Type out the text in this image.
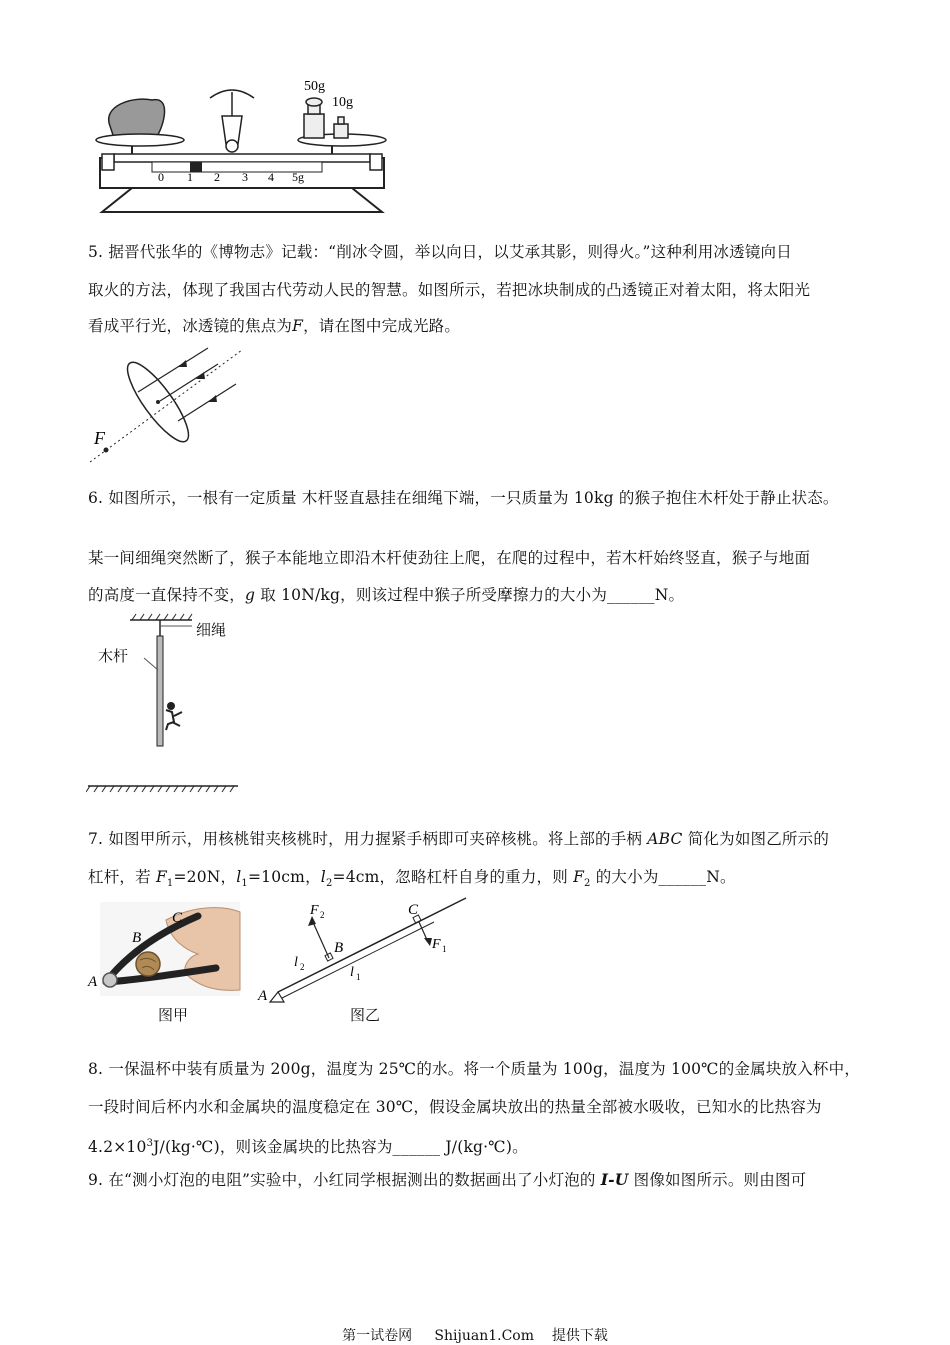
50g
10g
0 1 2 3 4 5g
5. 据晋代张华的《博物志》记载：“削冰令圆，举以向日，以艾承其影，则得火。”这种利用冰透镜向日
取火的方法，体现了我国古代劳动人民的智慧。如图所示，若把冰块制成的凸透镜正对着太阳，将太阳光
看成平行光，冰透镜的焦点为F，请在图中完成光路。
F
6. 如图所示，一根有一定质量 木杆竖直悬挂在细绳下端，一只质量为 10kg 的猴子抱住木杆处于静止状态。
某一间细绳突然断了，猴子本能地立即沿木杆使劲往上爬，在爬的过程中，若木杆始终竖直，猴子与地面
的高度一直保持不变，g 取 10N/kg，则该过程中猴子所受摩擦力的大小为______N。
细绳
木杆
7. 如图甲所示，用核桃钳夹核桃时，用力握紧手柄即可夹碎核桃。将上部的手柄 ABC 简化为如图乙所示的
杠杆，若 $F_1=20N$，$l_1=10cm$，$l_2=4cm$，忽略杠杆自身的重力，则 $F_2$ 的大小为______N。
A
B
C
图甲
A
B
C
F 2
F 1
l 2	l 1
图乙
8. 一保温杯中装有质量为 200g，温度为 25℃的水。将一个质量为 100g，温度为 100℃的金属块放入杯中，
一段时间后杯内水和金属块的温度稳定在 30℃，假设金属块放出的热量全部被水吸收，已知水的比热容为
$4.2\times 10^3J/(kg\cdot℃)$，则该金属块的比热容为______ J/(kg·℃)。
9. 在“测小灯泡的电阻”实验中，小红同学根据测出的数据画出了小灯泡的 I-U 图像如图所示。则由图可
第一试卷网 Shijuan1.Com 提供下载
